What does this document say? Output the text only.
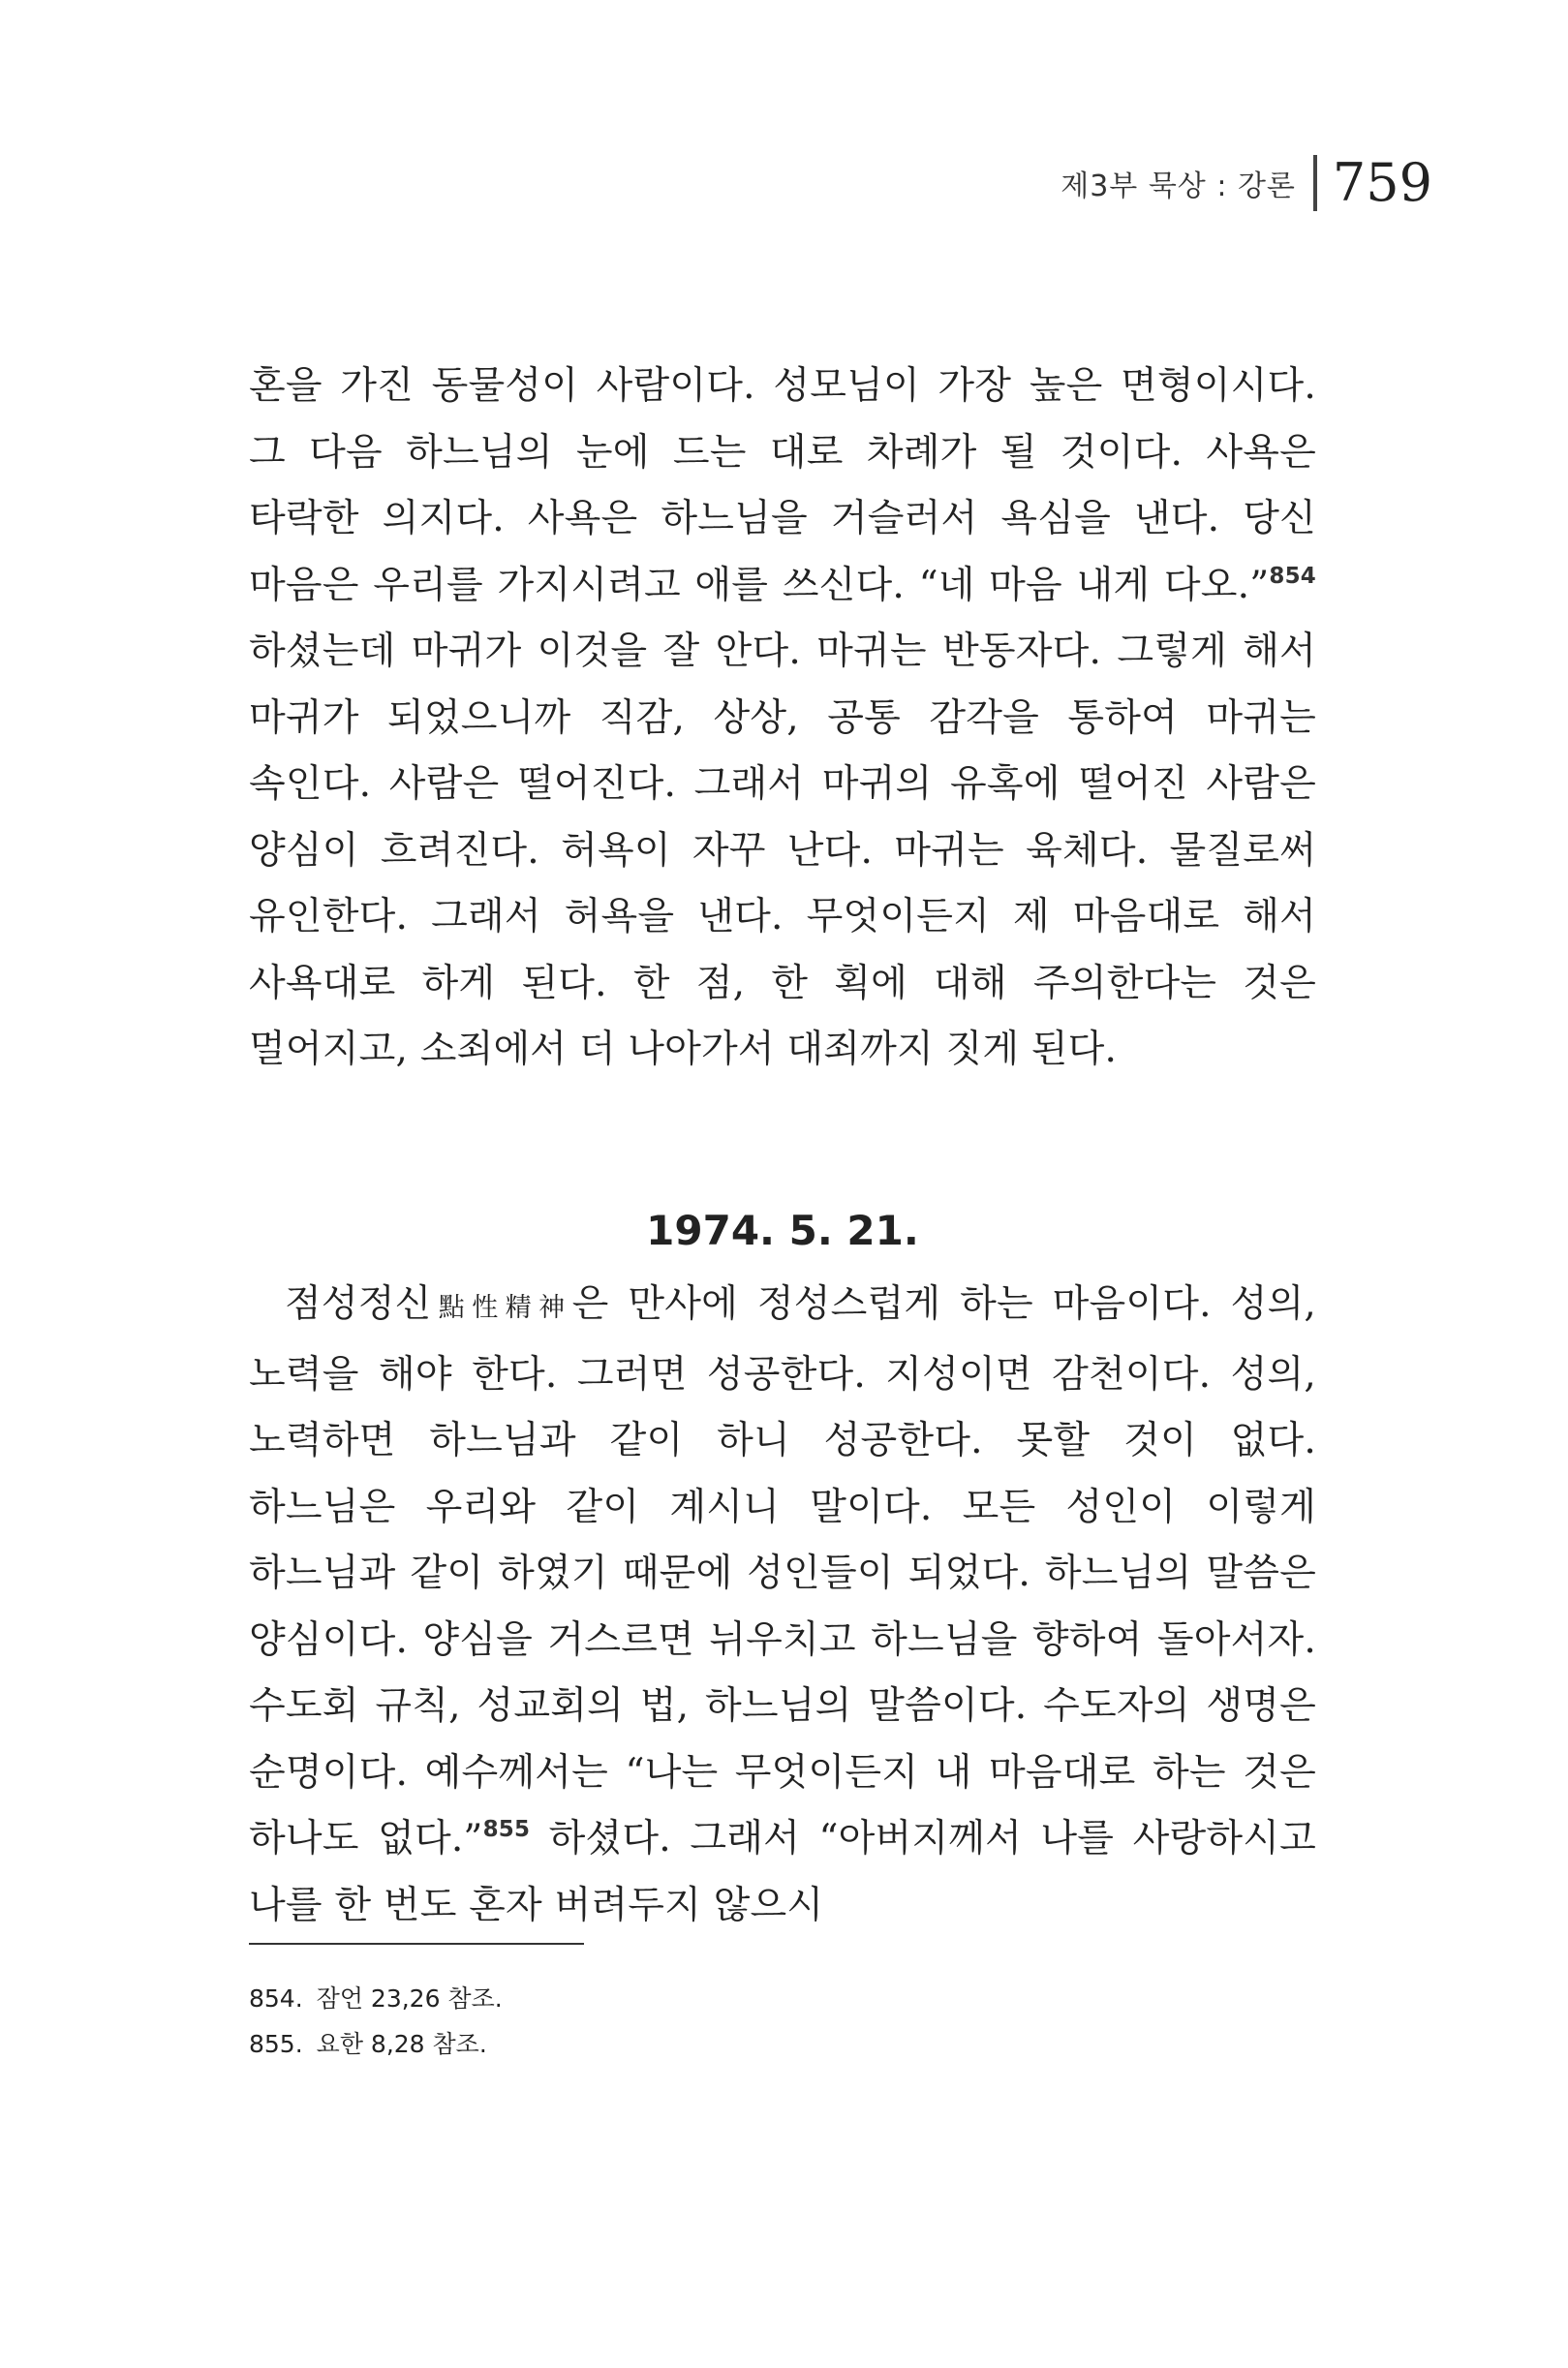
제3부 묵상 : 강론 759

혼을 가진 동물성이 사람이다. 성모님이 가장 높은 면형이시다. 그 다음 하느님의 눈에 드는 대로 차례가 될 것이다. 사욕은 타락한 의지다. 사욕은 하느님을 거슬러서 욕심을 낸다. 당신 마음은 우리를 가지시려고 애를 쓰신다. “네 마음 내게 다오.”$^{854}$ 하셨는데 마귀가 이것을 잘 안다. 마귀는 반동자다. 그렇게 해서 마귀가 되었으니까 직감, 상상, 공통 감각을 통하여 마귀는 속인다. 사람은 떨어진다. 그래서 마귀의 유혹에 떨어진 사람은 양심이 흐려진다. 허욕이 자꾸 난다. 마귀는 육체다. 물질로써 유인한다. 그래서 허욕을 낸다. 무엇이든지 제 마음대로 해서 사욕대로 하게 된다. 한 점, 한 획에 대해 주의한다는 것은 멀어지고, 소죄에서 더 나아가서 대죄까지 짓게 된다.

1974. 5. 21.

점성정신點性精神은 만사에 정성스럽게 하는 마음이다. 성의, 노력을 해야 한다. 그러면 성공한다. 지성이면 감천이다. 성의, 노력하면 하느님과 같이 하니 성공한다. 못할 것이 없다. 하느님은 우리와 같이 계시니 말이다. 모든 성인이 이렇게 하느님과 같이 하였기 때문에 성인들이 되었다. 하느님의 말씀은 양심이다. 양심을 거스르면 뉘우치고 하느님을 향하여 돌아서자. 수도회 규칙, 성교회의 법, 하느님의 말씀이다. 수도자의 생명은 순명이다. 예수께서는 “나는 무엇이든지 내 마음대로 하는 것은 하나도 없다.”$^{855}$ 하셨다. 그래서 “아버지께서 나를 사랑하시고 나를 한 번도 혼자 버려두지 않으시

854. 잠언 23,26 참조.
855. 요한 8,28 참조.
